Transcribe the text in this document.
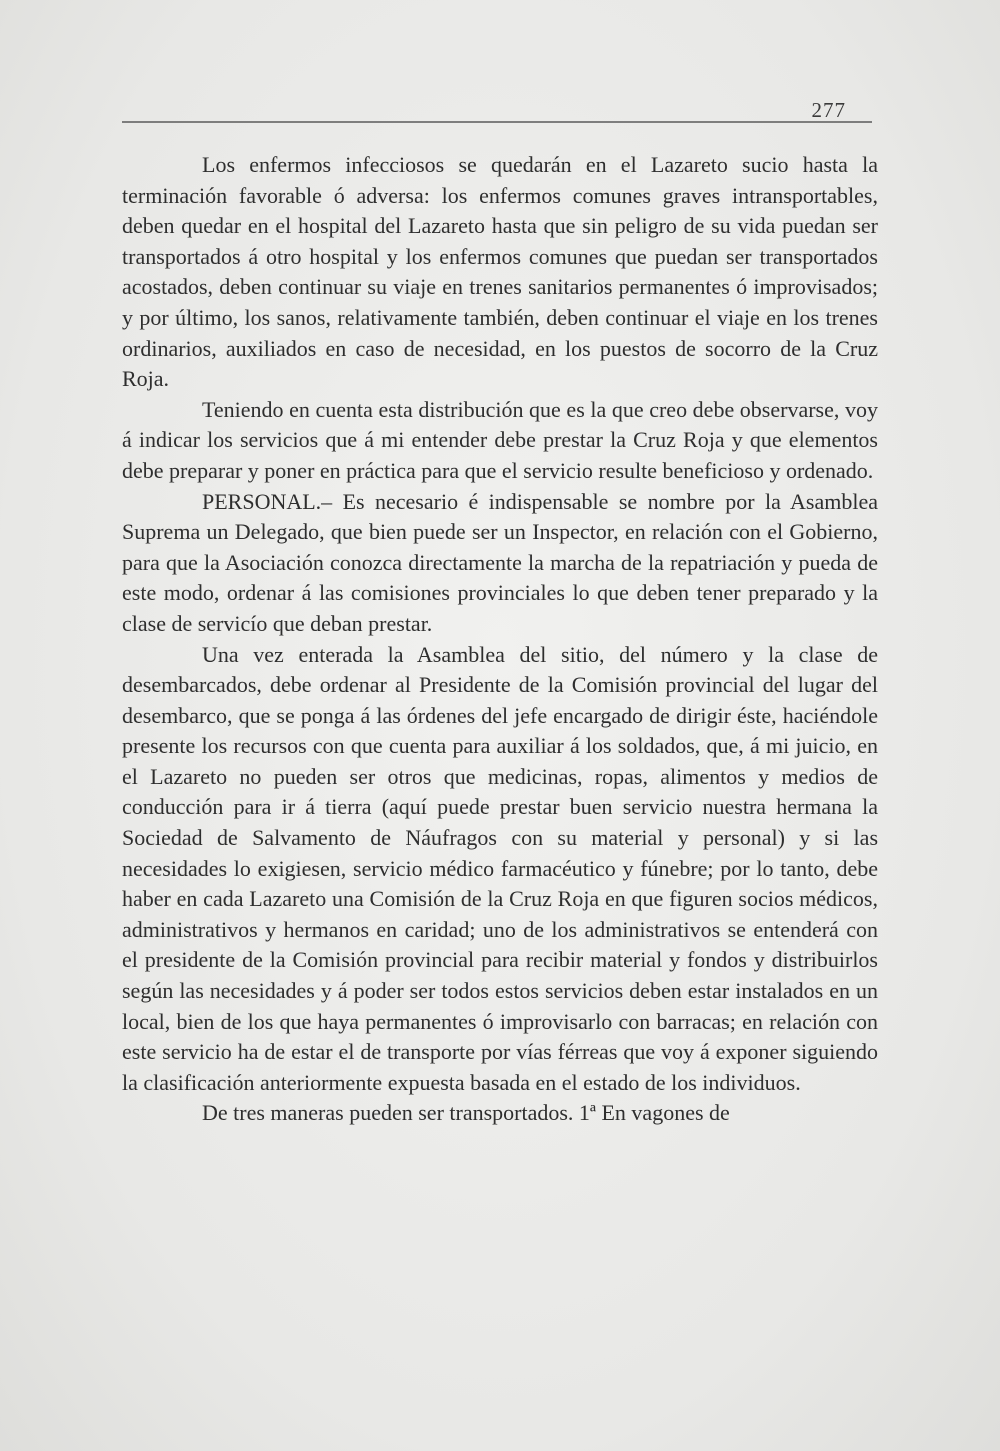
277

Los enfermos infecciosos se quedarán en el Lazareto sucio hasta la terminación favorable ó adversa: los enfermos comunes graves intransportables, deben quedar en el hospital del Lazareto hasta que sin peligro de su vida puedan ser transportados á otro hospital y los enfermos comunes que puedan ser transportados acostados, deben continuar su viaje en trenes sanitarios permanentes ó improvisados; y por último, los sanos, relativamente también, deben continuar el viaje en los trenes ordinarios, auxiliados en caso de necesidad, en los puestos de socorro de la Cruz Roja.

Teniendo en cuenta esta distribución que es la que creo debe observarse, voy á indicar los servicios que á mi entender debe prestar la Cruz Roja y que elementos debe preparar y poner en práctica para que el servicio resulte beneficioso y ordenado.

PERSONAL.– Es necesario é indispensable se nombre por la Asamblea Suprema un Delegado, que bien puede ser un Inspector, en relación con el Gobierno, para que la Asociación conozca directamente la marcha de la repatriación y pueda de este modo, ordenar á las comisiones provinciales lo que deben tener preparado y la clase de servicío que deban prestar.

Una vez enterada la Asamblea del sitio, del número y la clase de desembarcados, debe ordenar al Presidente de la Comisión provincial del lugar del desembarco, que se ponga á las órdenes del jefe encargado de dirigir éste, haciéndole presente los recursos con que cuenta para auxiliar á los soldados, que, á mi juicio, en el Lazareto no pueden ser otros que medicinas, ropas, alimentos y medios de conducción para ir á tierra (aquí puede prestar buen servicio nuestra hermana la Sociedad de Salvamento de Náufragos con su material y personal) y si las necesidades lo exigiesen, servicio médico farmacéutico y fúnebre; por lo tanto, debe haber en cada Lazareto una Comisión de la Cruz Roja en que figuren socios médicos, administrativos y hermanos en caridad; uno de los administrativos se entenderá con el presidente de la Comisión provincial para recibir material y fondos y distribuirlos según las necesidades y á poder ser todos estos servicios deben estar instalados en un local, bien de los que haya permanentes ó improvisarlo con barracas; en relación con este servicio ha de estar el de transporte por vías férreas que voy á exponer siguiendo la clasificación anteriormente expuesta basada en el estado de los individuos.

De tres maneras pueden ser transportados. 1ª En vagones de
